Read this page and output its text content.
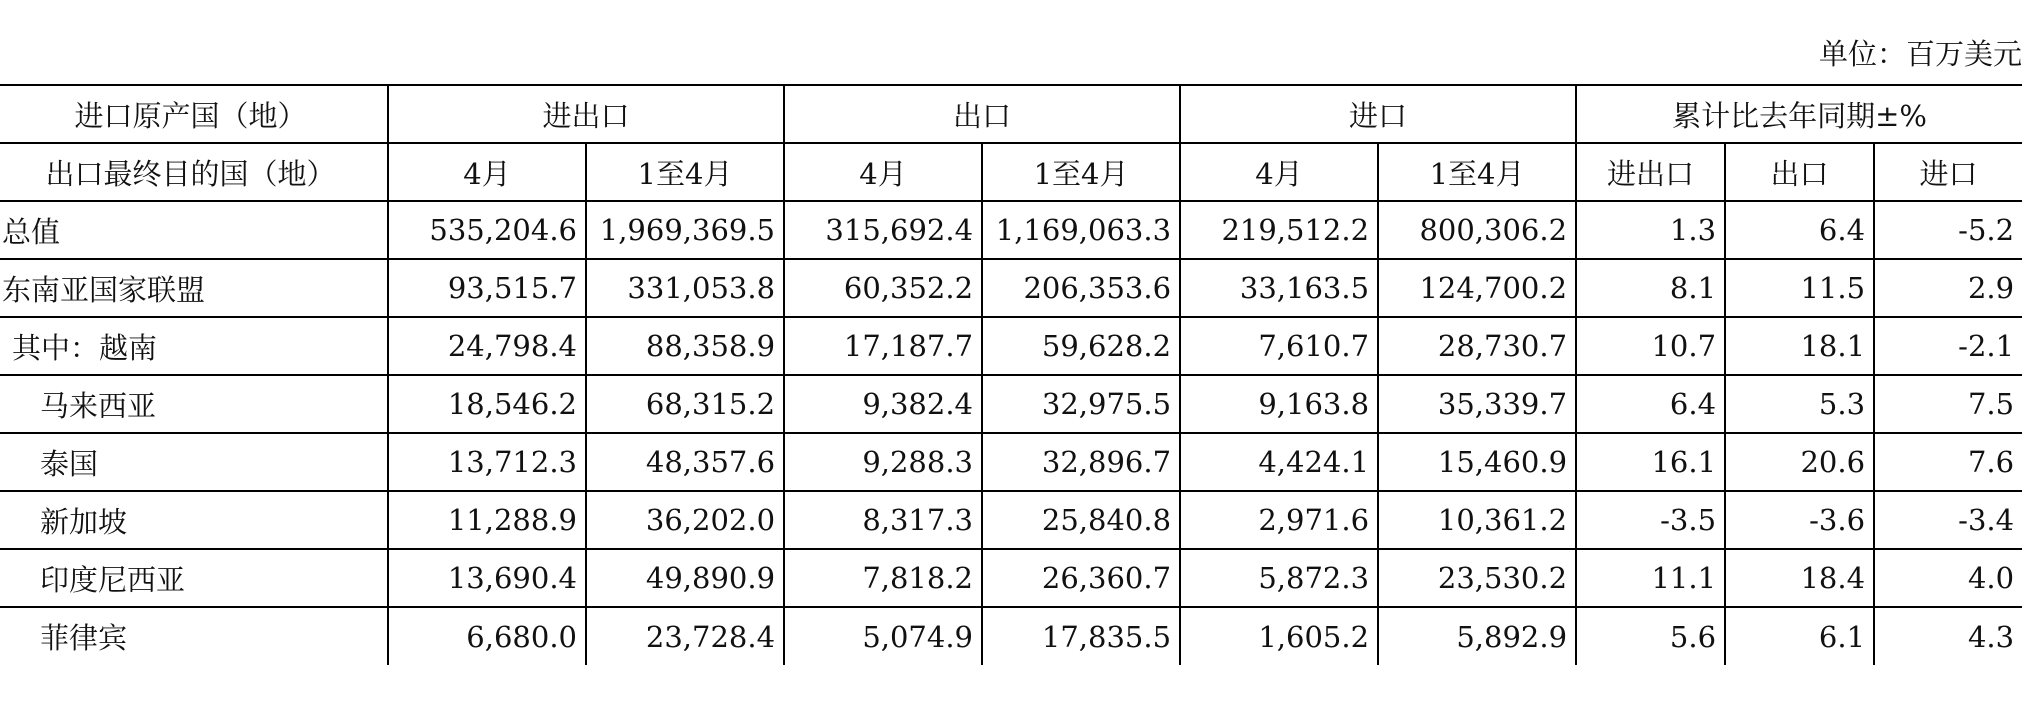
单位：百万美元
进口原产国（地）	进出口		出口		进口		累计比去年同期±%		
出口最终目的国（地）	4月	1至4月	4月	1至4月	4月	1至4月	进出口	出口	进口
总值	535,204.6	1,969,369.5	315,692.4	1,169,063.3	219,512.2	800,306.2	1.3	6.4	-5.2
东南亚国家联盟	93,515.7	331,053.8	60,352.2	206,353.6	33,163.5	124,700.2	8.1	11.5	2.9
其中：越南	24,798.4	88,358.9	17,187.7	59,628.2	7,610.7	28,730.7	10.7	18.1	-2.1
马来西亚	18,546.2	68,315.2	9,382.4	32,975.5	9,163.8	35,339.7	6.4	5.3	7.5
泰国	13,712.3	48,357.6	9,288.3	32,896.7	4,424.1	15,460.9	16.1	20.6	7.6
新加坡	11,288.9	36,202.0	8,317.3	25,840.8	2,971.6	10,361.2	-3.5	-3.6	-3.4
印度尼西亚	13,690.4	49,890.9	7,818.2	26,360.7	5,872.3	23,530.2	11.1	18.4	4.0
菲律宾	6,680.0	23,728.4	5,074.9	17,835.5	1,605.2	5,892.9	5.6	6.1	4.3
